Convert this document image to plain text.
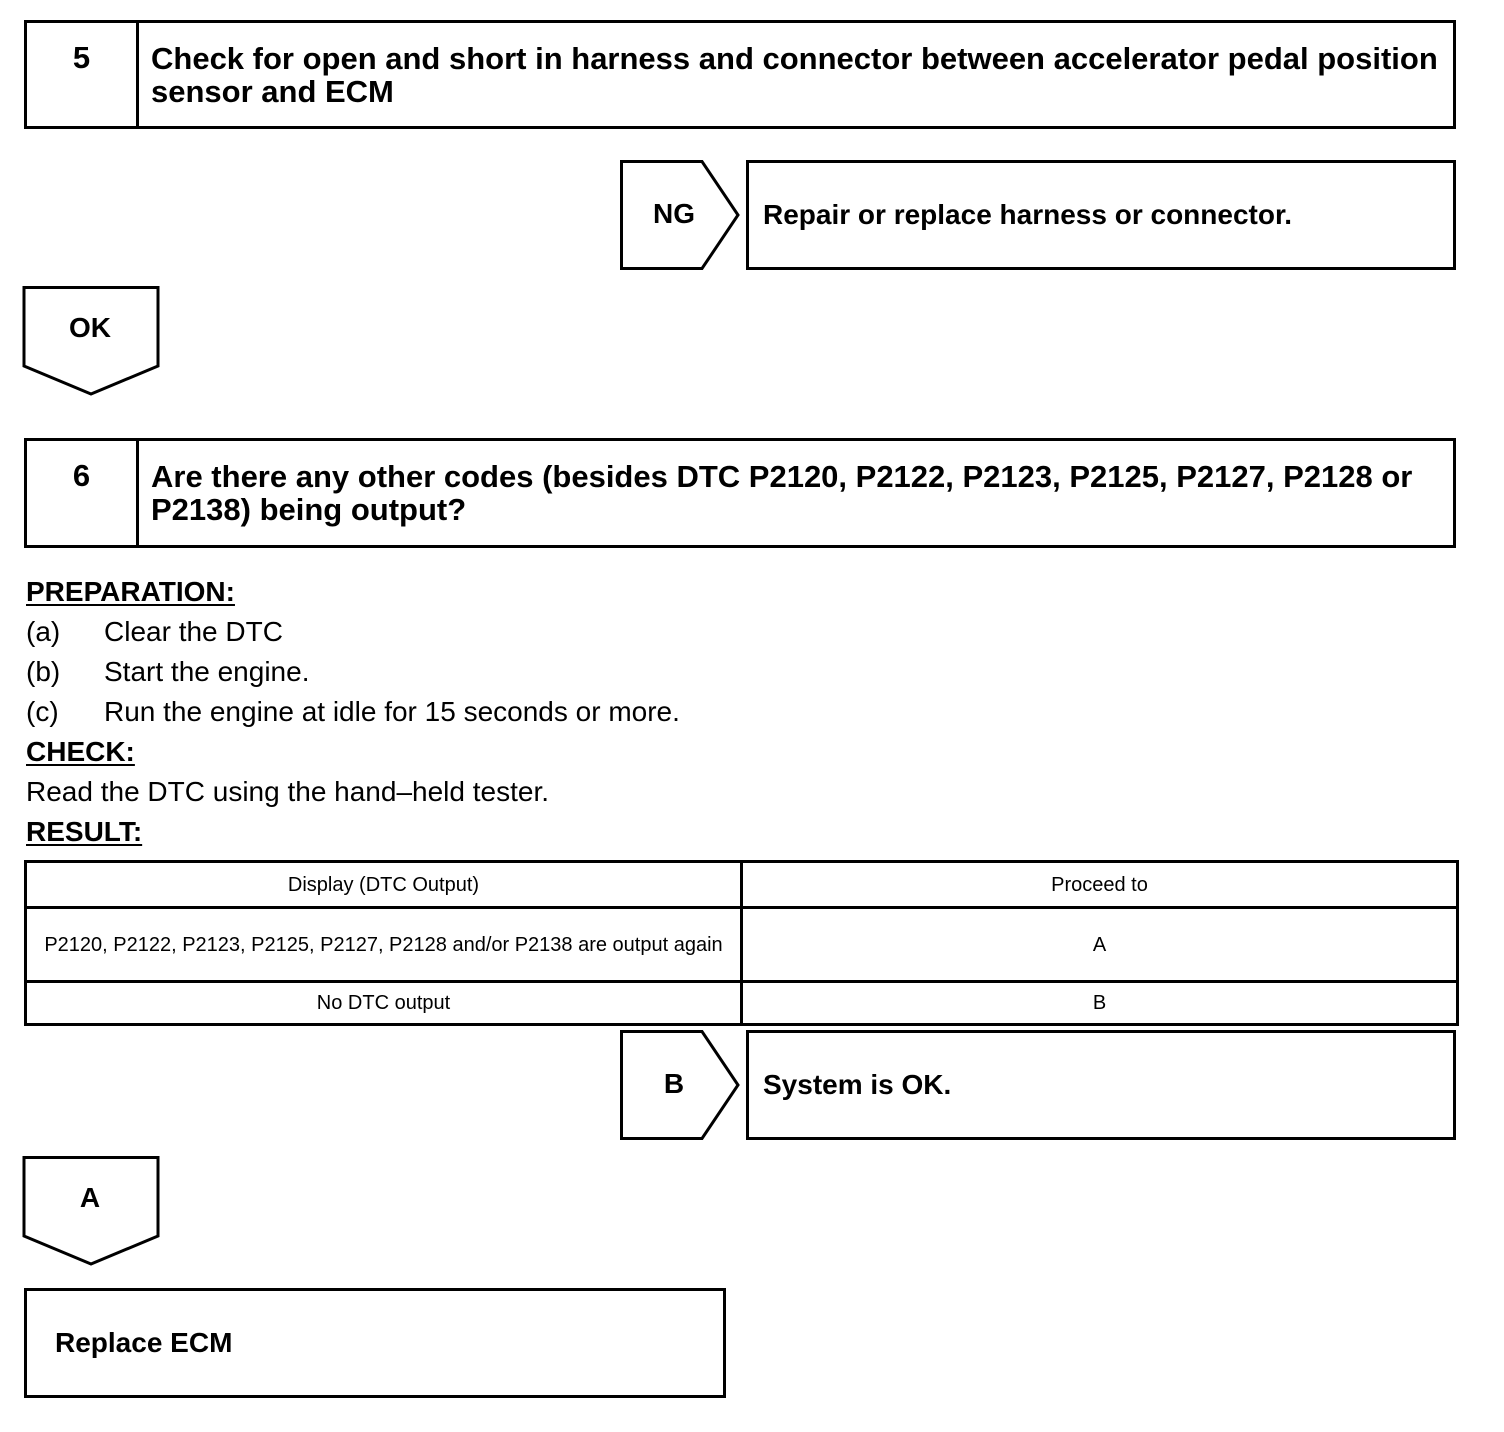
5	Check for open and short in harness and connector between accelerator pedal position sensor and ECM
NG	Repair or replace harness or connector.
OK
6	Are there any other codes (besides DTC P2120, P2122, P2123, P2125, P2127, P2128 or P2138) being output?
PREPARATION:
(a) Clear the DTC
(b) Start the engine.
(c) Run the engine at idle for 15 seconds or more.
CHECK:
Read the DTC using the hand–held tester.
RESULT:
Display (DTC Output)	Proceed to
P2120, P2122, P2123, P2125, P2127, P2128 and/or P2138 are output again	A
No DTC output	B
B	System is OK.
A
Replace ECM
